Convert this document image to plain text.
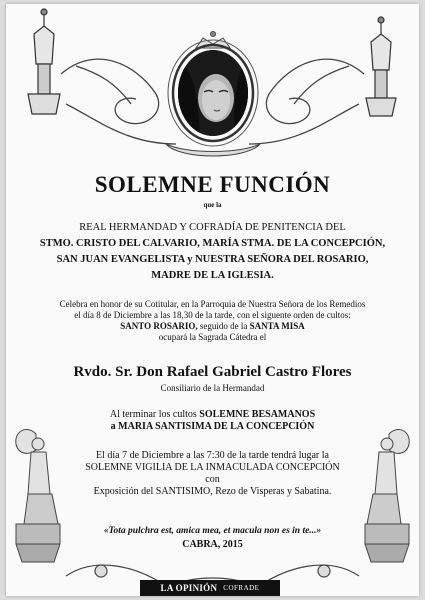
SOLEMNE FUNCIÓN
que la
REAL HERMANDAD Y COFRADÍA DE PENITENCIA DEL
STMO. CRISTO DEL CALVARIO, MARÍA STMA. DE LA CONCEPCIÓN,
SAN JUAN EVANGELISTA y NUESTRA SEÑORA DEL ROSARIO,
MADRE DE LA IGLESIA.
Celebra en honor de su Cotitular, en la Parroquia de Nuestra Señora de los Remedios
el día 8 de Diciembre a las 18,30 de la tarde, con el siguente orden de cultos:
SANTO ROSARIO, seguido de la SANTA MISA
ocupará la Sagrada Cátedra el
Rvdo. Sr. Don Rafael Gabriel Castro Flores
Consiliario de la Hermandad
Al terminar los cultos SOLEMNE BESAMANOS
a MARIA SANTISIMA DE LA CONCEPCIÓN
El día 7 de Diciembre a las 7:30 de la tarde tendrá lugar la
SOLEMNE VIGILIA DE LA INMACULADA CONCEPCIÓN
con
Exposición del SANTISIMO, Rezo de Visperas y Sabatina.
«Tota pulchra est, amica mea, et macula non es in te...»
CABRA, 2015
LA OPINIÓN COFRADE
